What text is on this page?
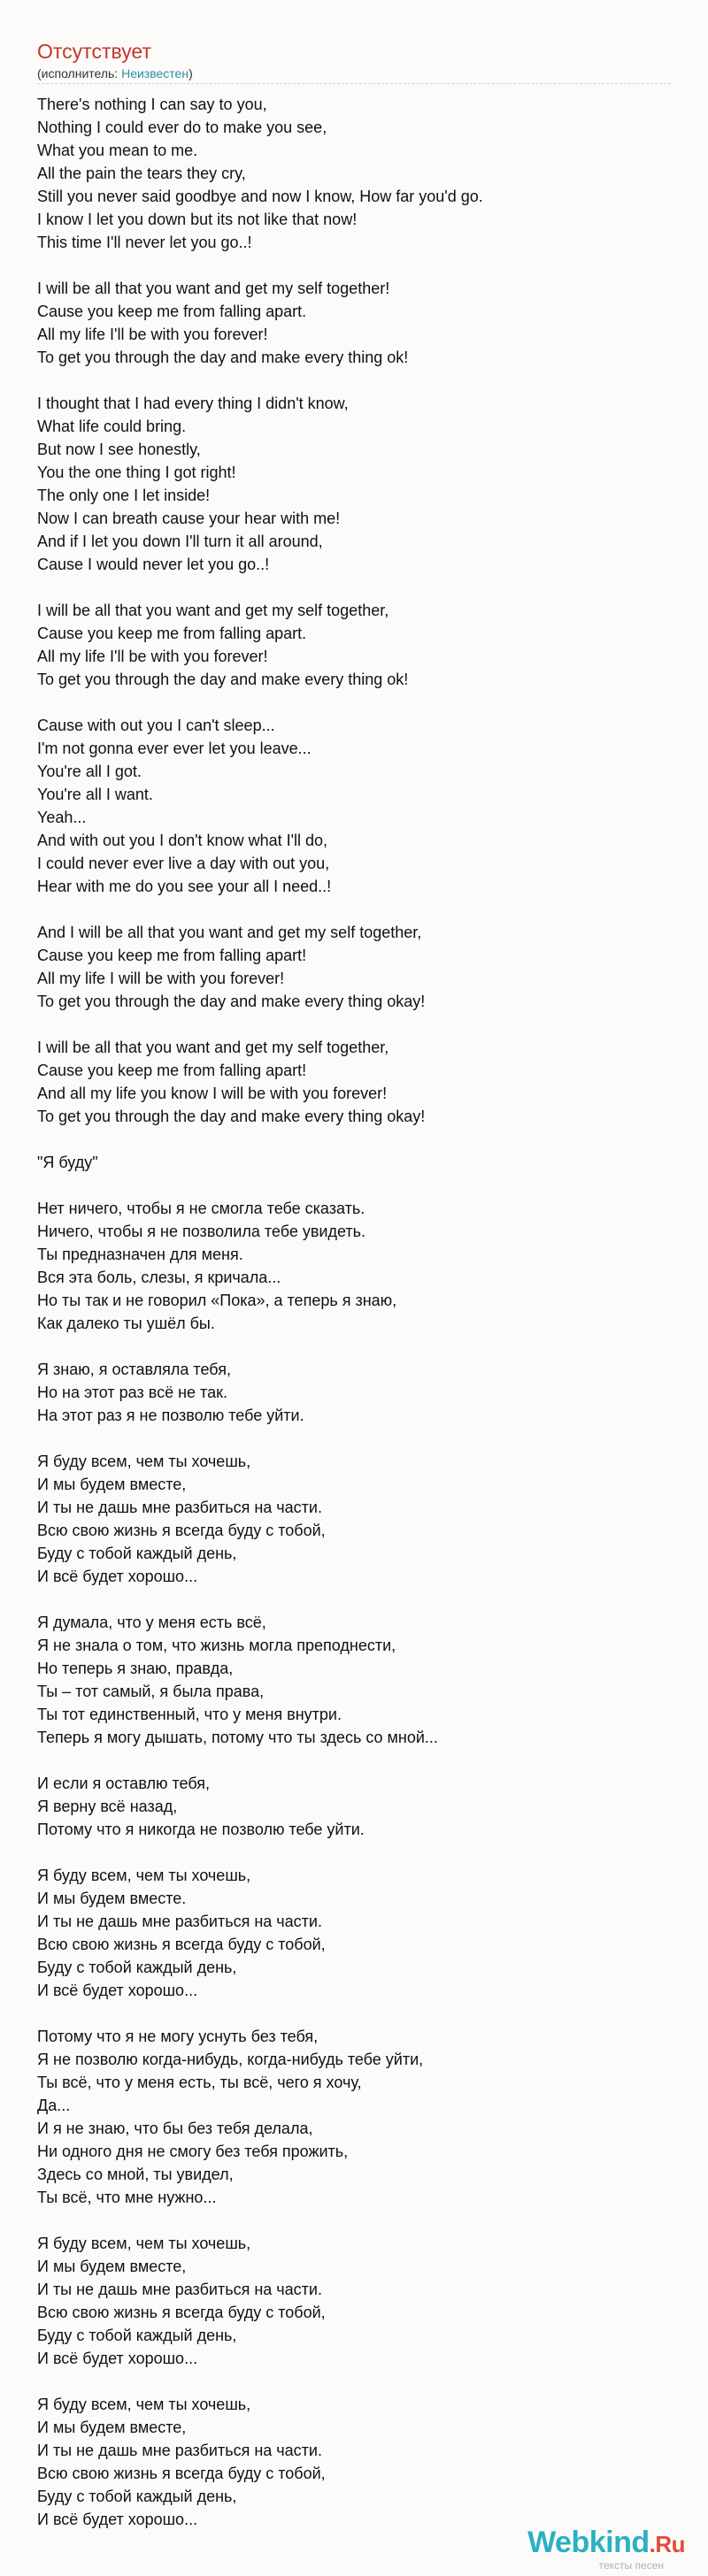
Отсутствует
(исполнитель: Неизвестен)
There's nothing I can say to you,
Nothing I could ever do to make you see,
What you mean to me.
All the pain the tears they cry,
Still you never said goodbye and now I know, How far you'd go.
I know I let you down but its not like that now!
This time I'll never let you go..!
I will be all that you want and get my self together!
Cause you keep me from falling apart.
All my life I'll be with you forever!
To get you through the day and make every thing ok!
I thought that I had every thing I didn't know,
What life could bring.
But now I see honestly,
You the one thing I got right!
The only one I let inside!
Now I can breath cause your hear with me!
And if I let you down I'll turn it all around,
Cause I would never let you go..!
I will be all that you want and get my self together,
Cause you keep me from falling apart.
All my life I'll be with you forever!
To get you through the day and make every thing ok!
Cause with out you I can't sleep...
I'm not gonna ever ever let you leave...
You're all I got.
You're all I want.
Yeah...
And with out you I don't know what I'll do,
I could never ever live a day with out you,
Hear with me do you see your all I need..!
And I will be all that you want and get my self together,
Cause you keep me from falling apart!
All my life I will be with you forever!
To get you through the day and make every thing okay!
I will be all that you want and get my self together,
Cause you keep me from falling apart!
And all my life you know I will be with you forever!
To get you through the day and make every thing okay!
"Я буду"
Нет ничего, чтобы я не смогла тебе сказать.
Ничего, чтобы я не позволила тебе увидеть.
Ты предназначен для меня.
Вся эта боль, слезы, я кричала...
Но ты так и не говорил «Пока», а теперь я знаю,
Как далеко ты ушёл бы.
Я знаю, я оставляла тебя,
Но на этот раз всё не так.
На этот раз я не позволю тебе уйти.
Я буду всем, чем ты хочешь,
И мы будем вместе,
И ты не дашь мне разбиться на части.
Всю свою жизнь я всегда буду с тобой,
Буду с тобой каждый день,
И всё будет хорошо...
Я думала, что у меня есть всё,
Я не знала о том, что жизнь могла преподнести,
Но теперь я знаю, правда,
Ты – тот самый, я была права,
Ты тот единственный, что у меня внутри.
Теперь я могу дышать, потому что ты здесь со мной...
И если я оставлю тебя,
Я верну всё назад,
Потому что я никогда не позволю тебе уйти.
Я буду всем, чем ты хочешь,
И мы будем вместе.
И ты не дашь мне разбиться на части.
Всю свою жизнь я всегда буду с тобой,
Буду с тобой каждый день,
И всё будет хорошо...
Потому что я не могу уснуть без тебя,
Я не позволю когда-нибудь, когда-нибудь тебе уйти,
Ты всё, что у меня есть, ты всё, чего я хочу,
Да...
И я не знаю, что бы без тебя делала,
Ни одного дня не смогу без тебя прожить,
Здесь со мной, ты увидел,
Ты всё, что мне нужно...
Я буду всем, чем ты хочешь,
И мы будем вместе,
И ты не дашь мне разбиться на части.
Всю свою жизнь я всегда буду с тобой,
Буду с тобой каждый день,
И всё будет хорошо...
Я буду всем, чем ты хочешь,
И мы будем вместе,
И ты не дашь мне разбиться на части.
Всю свою жизнь я всегда буду с тобой,
Буду с тобой каждый день,
И всё будет хорошо...
Webkind.Ru
тексты песен
